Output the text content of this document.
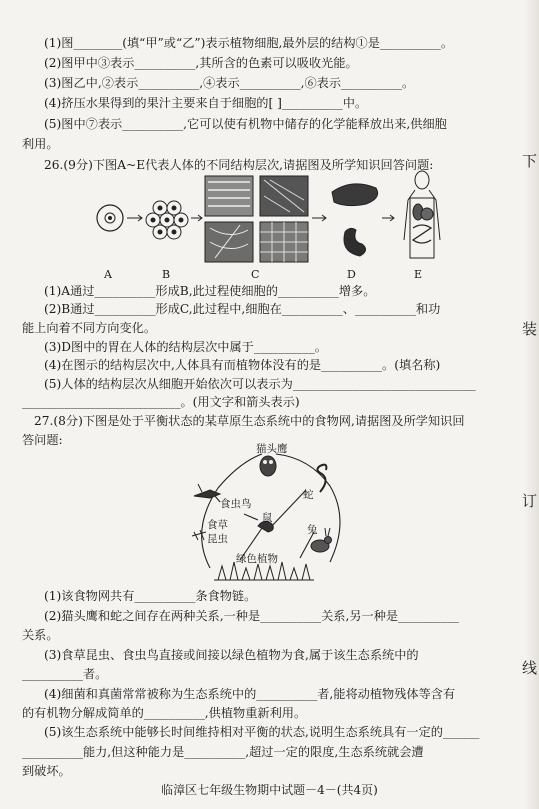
下
装
订
线
(1)图________(填“甲”或“乙”)表示植物细胞,最外层的结构①是__________。
(2)图甲中③表示__________,其所含的色素可以吸收光能。
(3)图乙中,②表示__________,④表示__________,⑥表示__________。
(4)挤压水果得到的果汁主要来自于细胞的[ ]__________中。
(5)图中⑦表示__________,它可以使有机物中储存的化学能释放出来,供细胞
利用。
26.(9分)下图A~E代表人体的不同结构层次,请据图及所学知识回答问题:
A	B	C	D	E
(1)A通过__________形成B,此过程使细胞的__________增多。
(2)B通过__________形成C,此过程中,细胞在__________、__________和功
能上向着不同方向变化。
(3)D图中的胃在人体的结构层次中属于__________。
(4)在图示的结构层次中,人体具有而植物体没有的是__________。(填名称)
(5)人体的结构层次从细胞开始依次可以表示为______________________________
__________________________。(用文字和箭头表示)
27.(8分)下图是处于平衡状态的某草原生态系统中的食物网,请据图及所学知识回
答问题:
猫头鹰
食虫鸟
蛇
鼠
食草
昆虫
兔
绿色植物
(1)该食物网共有__________条食物链。
(2)猫头鹰和蛇之间存在两种关系,一种是__________关系,另一种是__________
关系。
(3)食草昆虫、食虫鸟直接或间接以绿色植物为食,属于该生态系统中的
__________者。
(4)细菌和真菌常常被称为生态系统中的__________者,能将动植物残体等含有
的有机物分解成简单的__________,供植物重新利用。
(5)该生态系统中能够长时间维持相对平衡的状态,说明生态系统具有一定的______
__________能力,但这种能力是__________,超过一定的限度,生态系统就会遭
到破坏。
临漳区七年级生物期中试题－4－(共4页)
